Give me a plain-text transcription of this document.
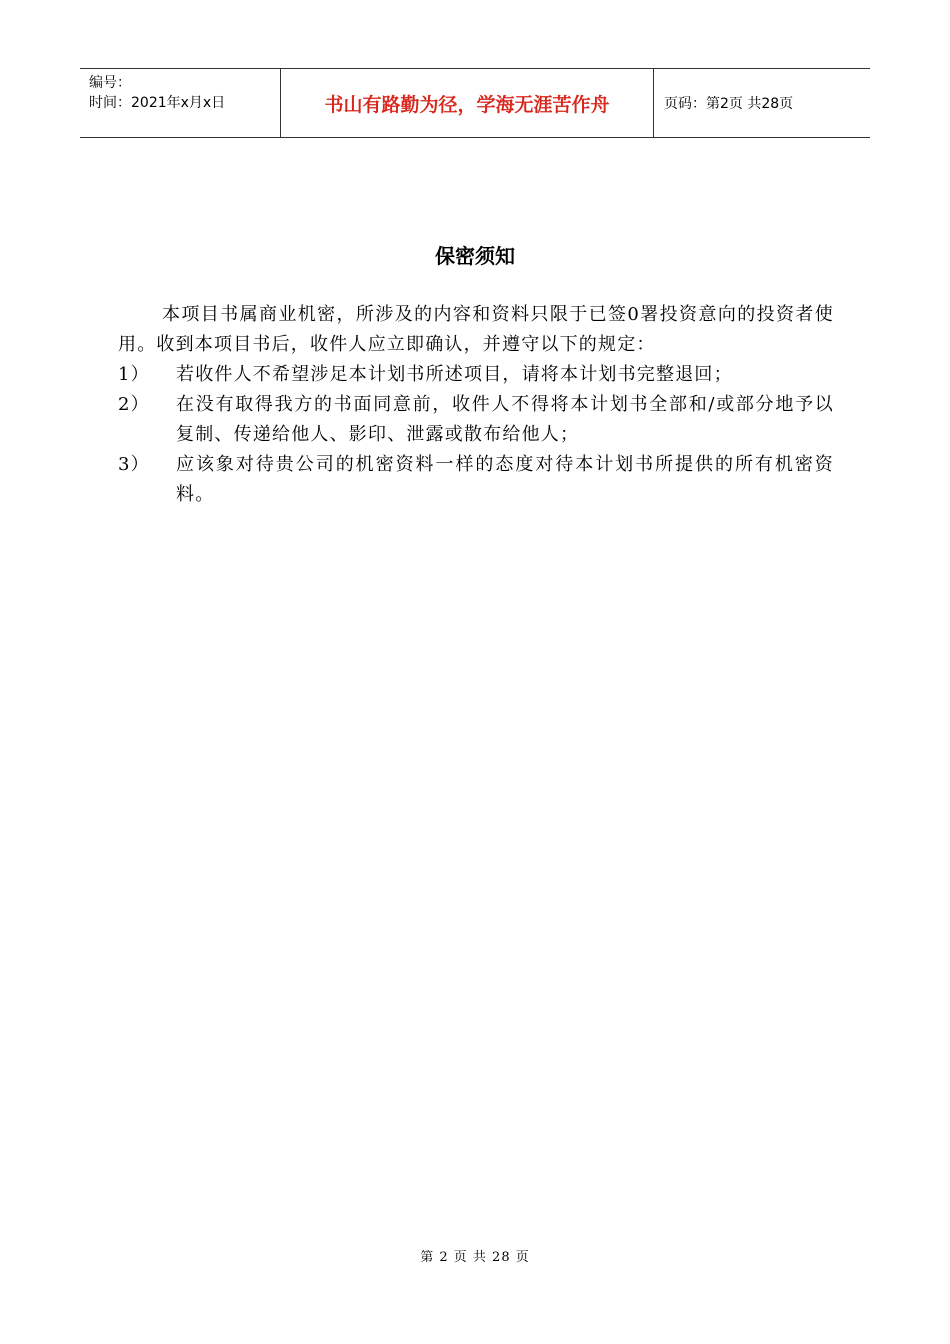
编号：
时间：2021年x月x日	书山有路勤为径，学海无涯苦作舟	页码：第2页 共28页
保密须知

本项目书属商业机密，所涉及的内容和资料只限于已签0署投资意向的投资者使用。收到本项目书后，收件人应立即确认，并遵守以下的规定：

1）	若收件人不希望涉足本计划书所述项目，请将本计划书完整退回；
2）	在没有取得我方的书面同意前，收件人不得将本计划书全部和/或部分地予以复制、传递给他人、影印、泄露或散布给他人；
3）	应该象对待贵公司的机密资料一样的态度对待本计划书所提供的所有机密资料。
第 2 页 共 28 页
